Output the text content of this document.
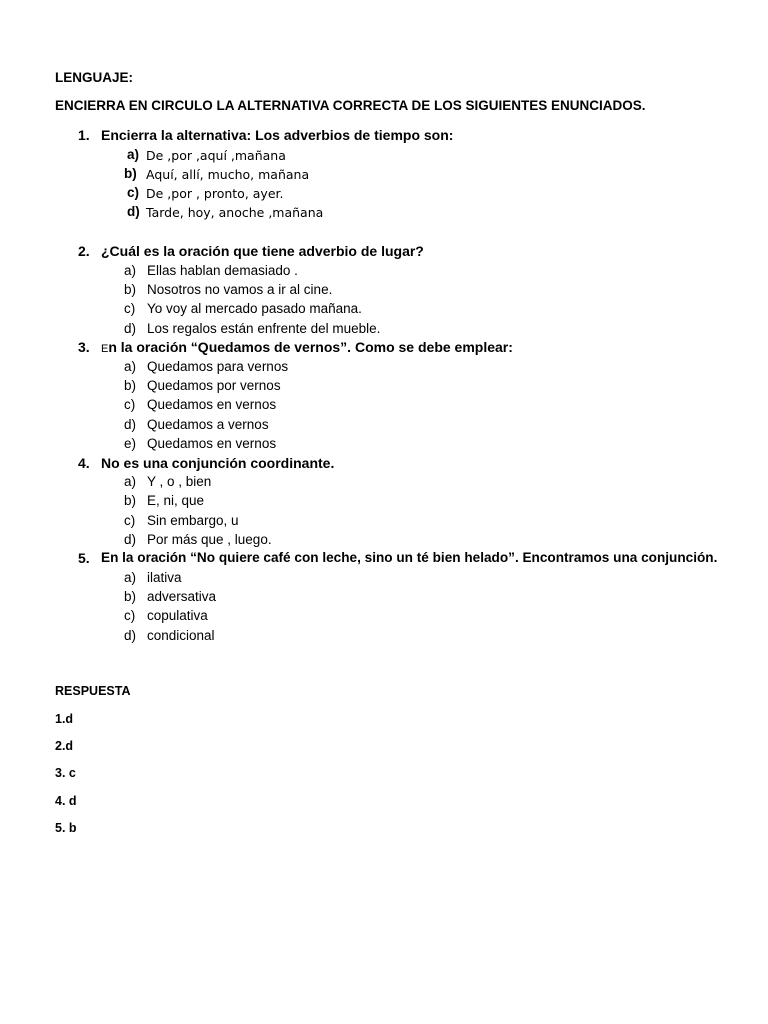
LENGUAJE:
ENCIERRA EN CIRCULO LA ALTERNATIVA CORRECTA DE LOS SIGUIENTES ENUNCIADOS.
1. Encierra la alternativa: Los adverbios de tiempo son:
a) De ,por ,aquí ,mañana
b) Aquí, allí, mucho, mañana
c) De ,por , pronto, ayer.
d) Tarde, hoy, anoche ,mañana
2. ¿Cuál es la oración que tiene adverbio de lugar?
a) Ellas hablan demasiado .
b) Nosotros no vamos a ir al cine.
c) Yo voy al mercado pasado mañana.
d) Los regalos están enfrente del mueble.
3. En la oración “Quedamos de vernos”. Como se debe emplear:
a) Quedamos para vernos
b) Quedamos por vernos
c) Quedamos en vernos
d) Quedamos a vernos
e) Quedamos en vernos
4. No es una conjunción coordinante.
a) Y , o , bien
b) E, ni, que
c) Sin embargo, u
d) Por más que , luego.
5. En la oración “No quiere café con leche, sino un té bien helado”. Encontramos una conjunción.
a) ilativa
b) adversativa
c) copulativa
d) condicional
RESPUESTA
1.d
2.d
3. c
4. d
5. b
